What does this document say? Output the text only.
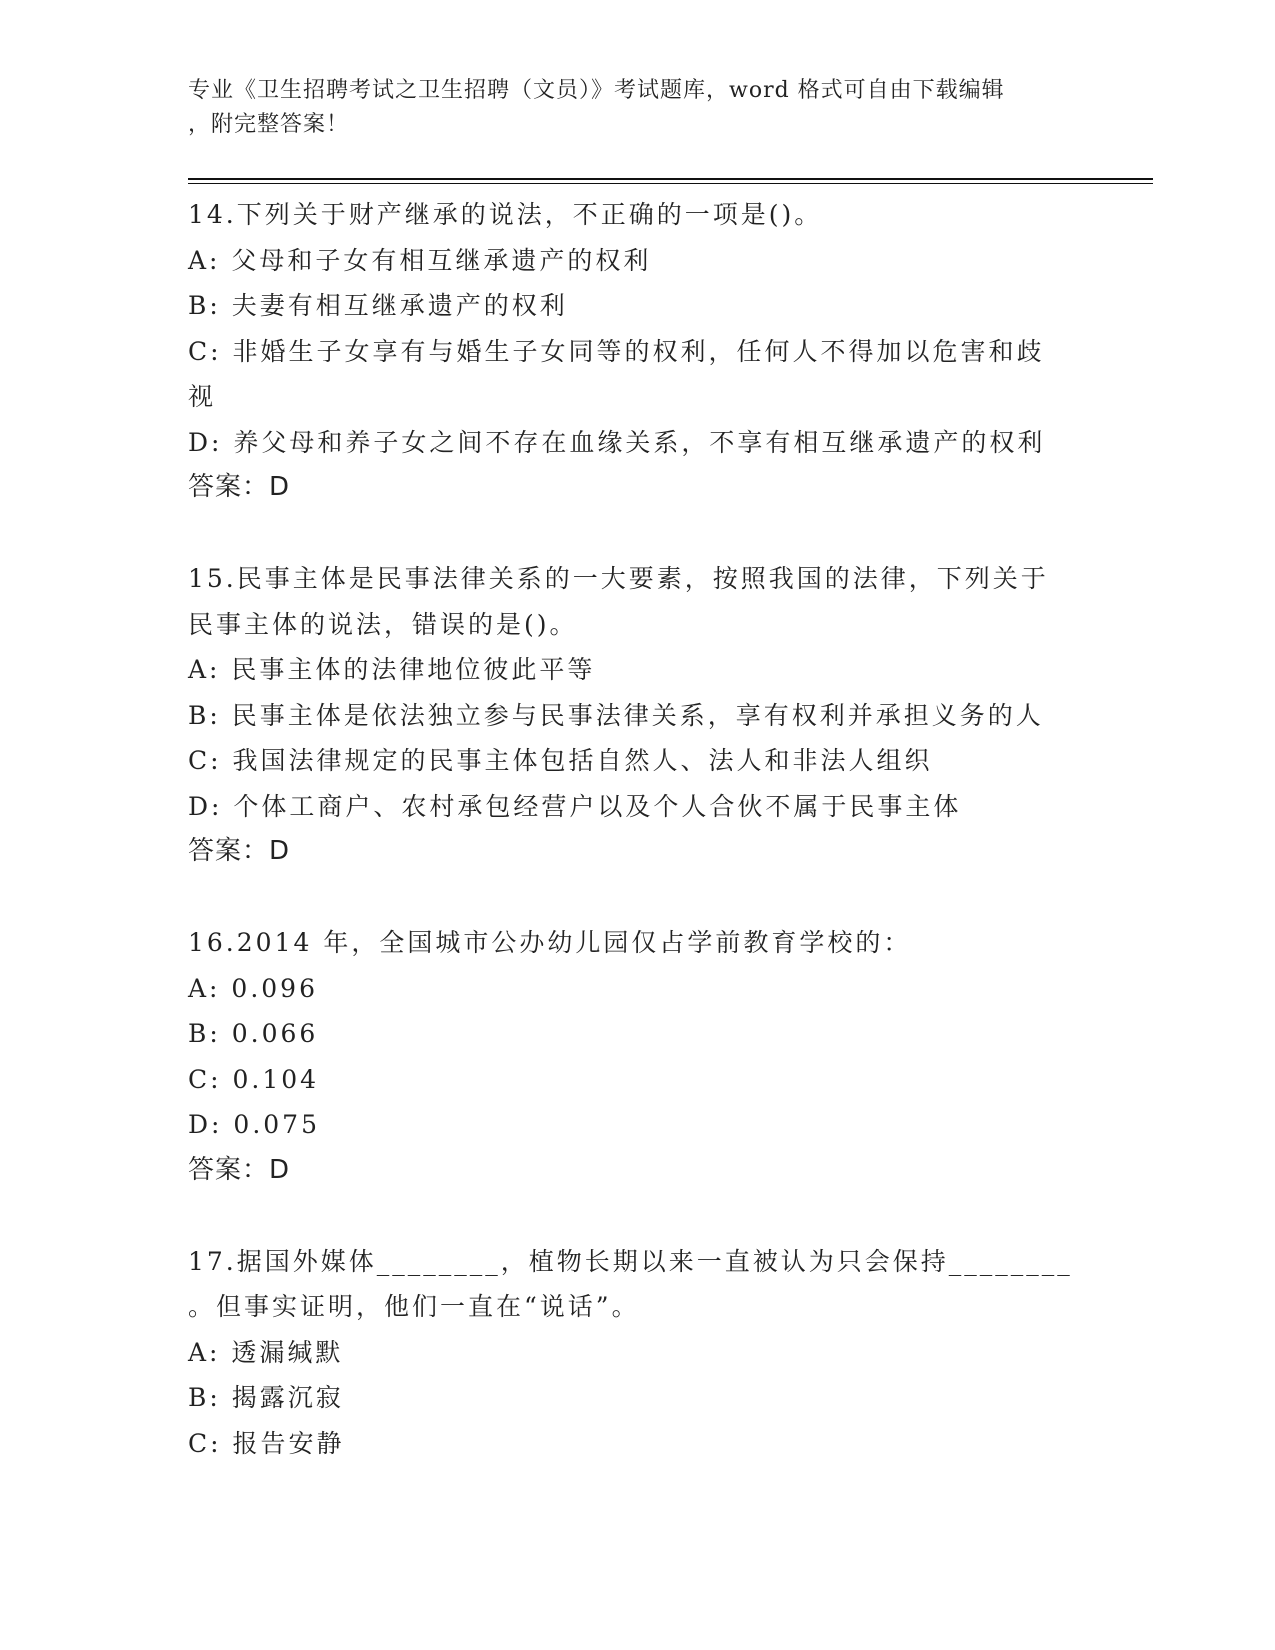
专业《卫生招聘考试之卫生招聘（文员）》考试题库，word 格式可自由下载编辑
，附完整答案！
14.下列关于财产继承的说法，不正确的一项是()。
A: 父母和子女有相互继承遗产的权利
B: 夫妻有相互继承遗产的权利
C: 非婚生子女享有与婚生子女同等的权利，任何人不得加以危害和歧
视
D: 养父母和养子女之间不存在血缘关系，不享有相互继承遗产的权利
答案：D
15.民事主体是民事法律关系的一大要素，按照我国的法律，下列关于
民事主体的说法，错误的是()。
A: 民事主体的法律地位彼此平等
B: 民事主体是依法独立参与民事法律关系，享有权利并承担义务的人
C: 我国法律规定的民事主体包括自然人、法人和非法人组织
D: 个体工商户、农村承包经营户以及个人合伙不属于民事主体
答案：D
16.2014 年，全国城市公办幼儿园仅占学前教育学校的：
A: 0.096
B: 0.066
C: 0.104
D: 0.075
答案：D
17.据国外媒体________，植物长期以来一直被认为只会保持________
。但事实证明，他们一直在“说话”。
A: 透漏缄默
B: 揭露沉寂
C: 报告安静
